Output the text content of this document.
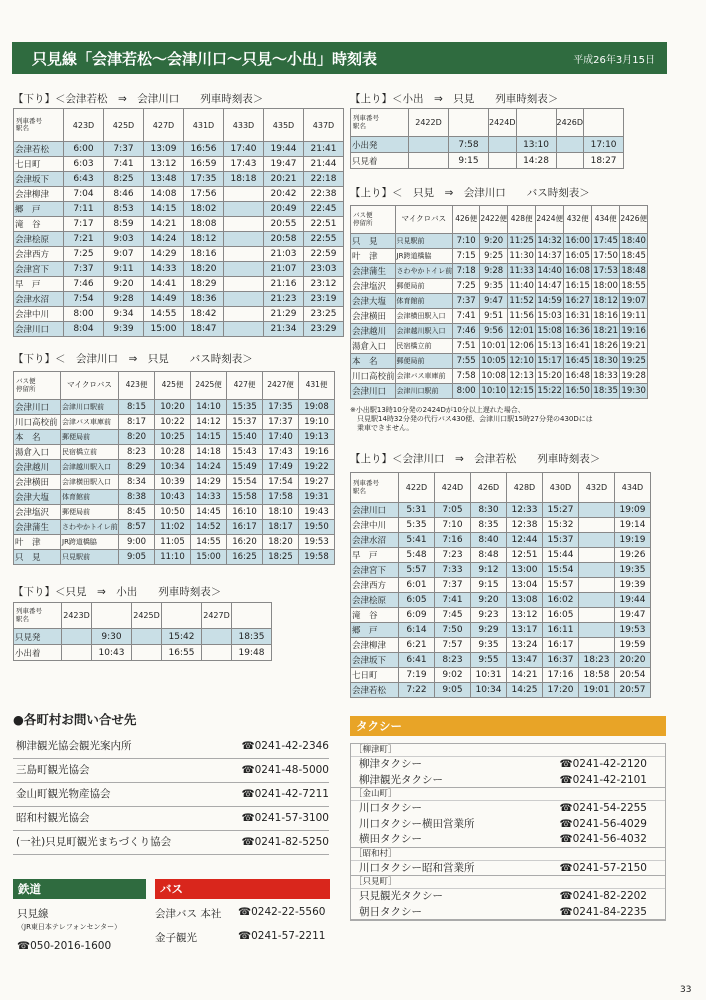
只見線「会津若松～会津川口～只見～小出」時刻表	平成26年3月15日
【下り】＜会津若松　⇒　会津川口　　列車時刻表＞
列車番号
駅名	423D	425D	427D	431D	433D	435D	437D
会津若松	6:00	7:37	13:09	16:56	17:40	19:44	21:41
七日町	6:03	7:41	13:12	16:59	17:43	19:47	21:44
会津坂下	6:43	8:25	13:48	17:35	18:18	20:21	22:18
会津柳津	7:04	8:46	14:08	17:56		20:42	22:38
郷　戸	7:11	8:53	14:15	18:02		20:49	22:45
滝　谷	7:17	8:59	14:21	18:08		20:55	22:51
会津桧原	7:21	9:03	14:24	18:12		20:58	22:55
会津西方	7:25	9:07	14:29	18:16		21:03	22:59
会津宮下	7:37	9:11	14:33	18:20		21:07	23:03
早　戸	7:46	9:20	14:41	18:29		21:16	23:12
会津水沼	7:54	9:28	14:49	18:36		21:23	23:19
会津中川	8:00	9:34	14:55	18:42		21:29	23:25
会津川口	8:04	9:39	15:00	18:47		21:34	23:29
【下り】＜　会津川口　⇒　只見　　バス時刻表＞
バス便
停留所	マイクロバス	423便	425便	2425便	427便	2427便	431便
会津川口	会津川口駅前	8:15	10:20	14:10	15:35	17:35	19:08
川口高校前	会津バス車庫前	8:17	10:22	14:12	15:37	17:37	19:10
本　名	郵便局前	8:20	10:25	14:15	15:40	17:40	19:13
湯倉入口	民宿橋立前	8:23	10:28	14:18	15:43	17:43	19:16
会津越川	会津越川駅入口	8:29	10:34	14:24	15:49	17:49	19:22
会津横田	会津横田駅入口	8:34	10:39	14:29	15:54	17:54	19:27
会津大塩	体育館前	8:38	10:43	14:33	15:58	17:58	19:31
会津塩沢	郵便局前	8:45	10:50	14:45	16:10	18:10	19:43
会津蒲生	さわやかトイレ前	8:57	11:02	14:52	16:17	18:17	19:50
叶　津	JR跨道橋脇	9:00	11:05	14:55	16:20	18:20	19:53
只　見	只見駅前	9:05	11:10	15:00	16:25	18:25	19:58
【下り】＜只見　⇒　小出　　列車時刻表＞
列車番号
駅名	2423D		2425D		2427D	
只見発		9:30		15:42		18:35
小出着		10:43		16:55		19:48
【上り】＜小出　⇒　只見　　列車時刻表＞
列車番号
駅名	2422D		2424D		2426D	
小出発		7:58		13:10		17:10
只見着		9:15		14:28		18:27
【上り】＜　只見　⇒　会津川口　　バス時刻表＞
バス便
停留所	マイクロバス	426便	2422便	428便	2424便	432便	434便	2426便
只　見	只見駅前	7:10	9:20	11:25	14:32	16:00	17:45	18:40
叶　津	JR跨道橋脇	7:15	9:25	11:30	14:37	16:05	17:50	18:45
会津蒲生	さわやかトイレ前	7:18	9:28	11:33	14:40	16:08	17:53	18:48
会津塩沢	郵便局前	7:25	9:35	11:40	14:47	16:15	18:00	18:55
会津大塩	体育館前	7:37	9:47	11:52	14:59	16:27	18:12	19:07
会津横田	会津横田駅入口	7:41	9:51	11:56	15:03	16:31	18:16	19:11
会津越川	会津越川駅入口	7:46	9:56	12:01	15:08	16:36	18:21	19:16
湯倉入口	民宿橋立前	7:51	10:01	12:06	15:13	16:41	18:26	19:21
本　名	郵便局前	7:55	10:05	12:10	15:17	16:45	18:30	19:25
川口高校前	会津バス車庫前	7:58	10:08	12:13	15:20	16:48	18:33	19:28
会津川口	会津川口駅前	8:00	10:10	12:15	15:22	16:50	18:35	19:30
※小出駅13時10分発の2424Dが10分以上遅れた場合、
　只見駅14時32分発の代行バス430便、会津川口駅15時27分発の430Dには
　乗車できません。
【上り】＜会津川口　⇒　会津若松　　列車時刻表＞
列車番号
駅名	422D	424D	426D	428D	430D	432D	434D
会津川口	5:31	7:05	8:30	12:33	15:27		19:09
会津中川	5:35	7:10	8:35	12:38	15:32		19:14
会津水沼	5:41	7:16	8:40	12:44	15:37		19:19
早　戸	5:48	7:23	8:48	12:51	15:44		19:26
会津宮下	5:57	7:33	9:12	13:00	15:54		19:35
会津西方	6:01	7:37	9:15	13:04	15:57		19:39
会津桧原	6:05	7:41	9:20	13:08	16:02		19:44
滝　谷	6:09	7:45	9:23	13:12	16:05		19:47
郷　戸	6:14	7:50	9:29	13:17	16:11		19:53
会津柳津	6:21	7:57	9:35	13:24	16:17		19:59
会津坂下	6:41	8:23	9:55	13:47	16:37	18:23	20:20
七日町	7:19	9:02	10:31	14:21	17:16	18:58	20:54
会津若松	7:22	9:05	10:34	14:25	17:20	19:01	20:57
●各町村お問い合せ先
柳津観光協会観光案内所	☎0241-42-2346
三島町観光協会	☎0241-48-5000
金山町観光物産協会	☎0241-42-7211
昭和村観光協会	☎0241-57-3100
(一社)只見町観光まちづくり協会	☎0241-82-5250
鉄道
只見線
（JR東日本テレフォンセンター）
☎050-2016-1600
バス
会津バス 本社 ☎0242-22-5560
金子観光	☎0241-57-2211
タクシー
［柳津町］
柳津タクシー	☎0241-42-2120
柳津観光タクシー	☎0241-42-2101
［金山町］
川口タクシー	☎0241-54-2255
川口タクシー横田営業所	☎0241-56-4029
横田タクシー	☎0241-56-4032
［昭和村］
川口タクシー昭和営業所	☎0241-57-2150
［只見町］
只見観光タクシー	☎0241-82-2202
朝日タクシー	☎0241-84-2235
33
